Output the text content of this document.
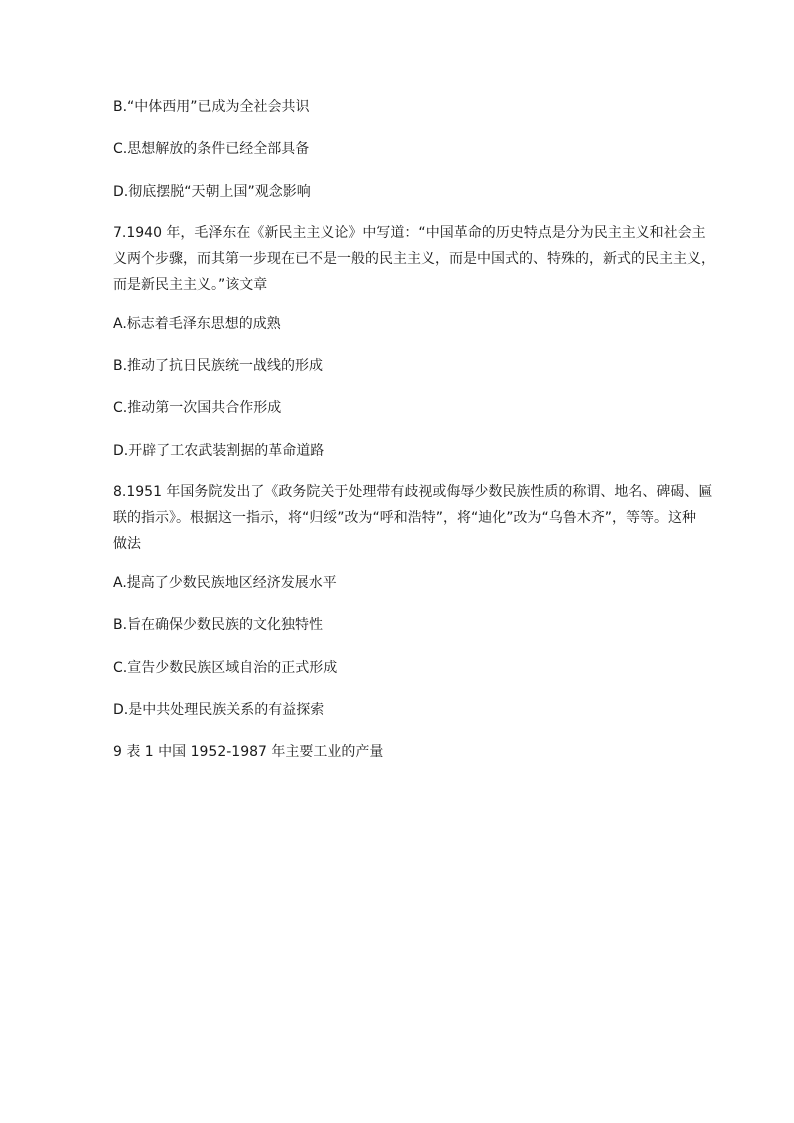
B.“中体西用”已成为全社会共识
C.思想解放的条件已经全部具备
D.彻底摆脱“天朝上国”观念影响
7.1940 年，毛泽东在《新民主主义论》中写道：“中国革命的历史特点是分为民主主义和社会主
义两个步骤，而其第一步现在已不是一般的民主主义，而是中国式的、特殊的，新式的民主主义，
而是新民主主义。”该文章
A.标志着毛泽东思想的成熟
B.推动了抗日民族统一战线的形成
C.推动第一次国共合作形成
D.开辟了工农武装割据的革命道路
8.1951 年国务院发出了《政务院关于处理带有歧视或侮辱少数民族性质的称谓、地名、碑碣、匾
联的指示》。根据这一指示，将“归绥”改为“呼和浩特”，将“迪化”改为“乌鲁木齐”，等等。这种
做法
A.提高了少数民族地区经济发展水平
B.旨在确保少数民族的文化独特性
C.宣告少数民族区域自治的正式形成
D.是中共处理民族关系的有益探索
9 表 1 中国 1952-1987 年主要工业的产量
